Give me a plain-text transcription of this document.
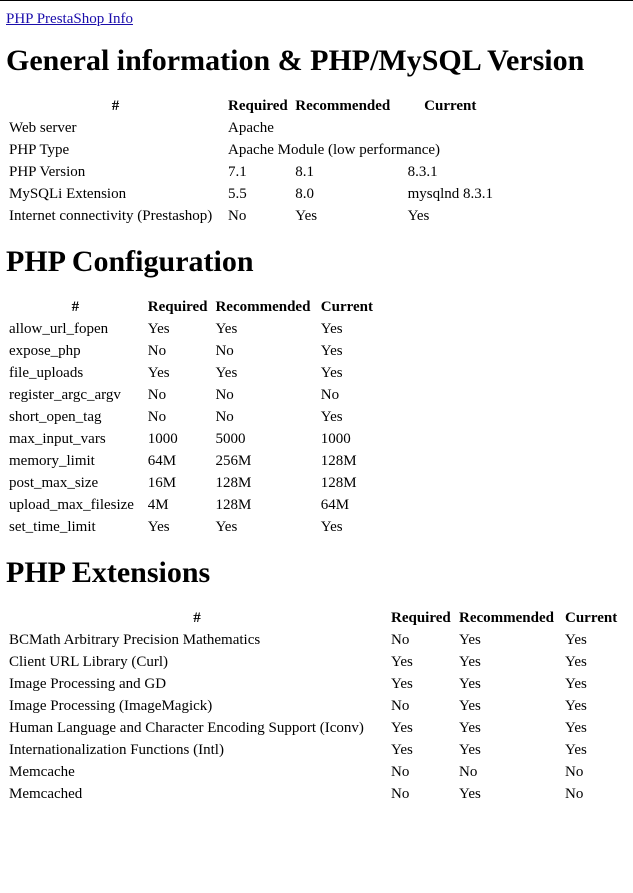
PHP PrestaShop Info
General information & PHP/MySQL Version
#	Required	Recommended	Current
Web server	Apache		
PHP Type	Apache Module (low performance)		
PHP Version	7.1	8.1	8.3.1
MySQLi Extension	5.5	8.0	mysqlnd 8.3.1
Internet connectivity (Prestashop)	No	Yes	Yes
PHP Configuration
#	Required	Recommended	Current
allow_url_fopen	Yes	Yes	Yes
expose_php	No	No	Yes
file_uploads	Yes	Yes	Yes
register_argc_argv	No	No	No
short_open_tag	No	No	Yes
max_input_vars	1000	5000	1000
memory_limit	64M	256M	128M
post_max_size	16M	128M	128M
upload_max_filesize	4M	128M	64M
set_time_limit	Yes	Yes	Yes
PHP Extensions
#	Required	Recommended	Current
BCMath Arbitrary Precision Mathematics	No	Yes	Yes
Client URL Library (Curl)	Yes	Yes	Yes
Image Processing and GD	Yes	Yes	Yes
Image Processing (ImageMagick)	No	Yes	Yes
Human Language and Character Encoding Support (Iconv)	Yes	Yes	Yes
Internationalization Functions (Intl)	Yes	Yes	Yes
Memcache	No	No	No
Memcached	No	Yes	No
